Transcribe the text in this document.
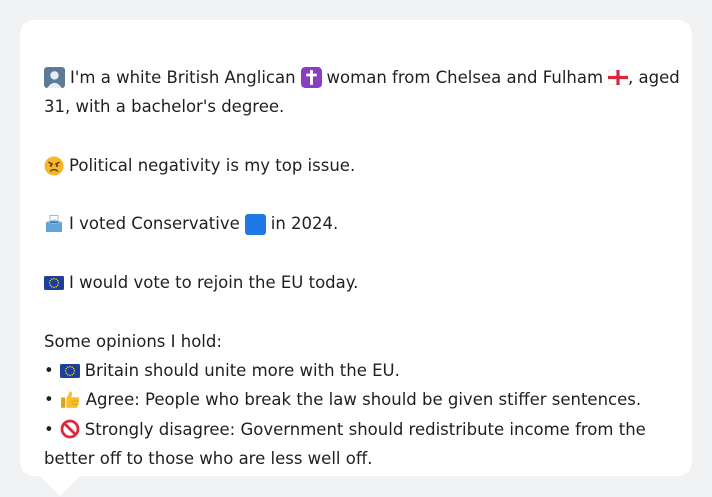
I'm a white British Anglican woman from Chelsea and Fulham , aged
31, with a bachelor's degree.
Political negativity is my top issue.
I voted Conservative in 2024.
I would vote to rejoin the EU today.
Some opinions I hold:
• Britain should unite more with the EU.
• Agree: People who break the law should be given stiffer sentences.
• Strongly disagree: Government should redistribute income from the
better off to those who are less well off.
